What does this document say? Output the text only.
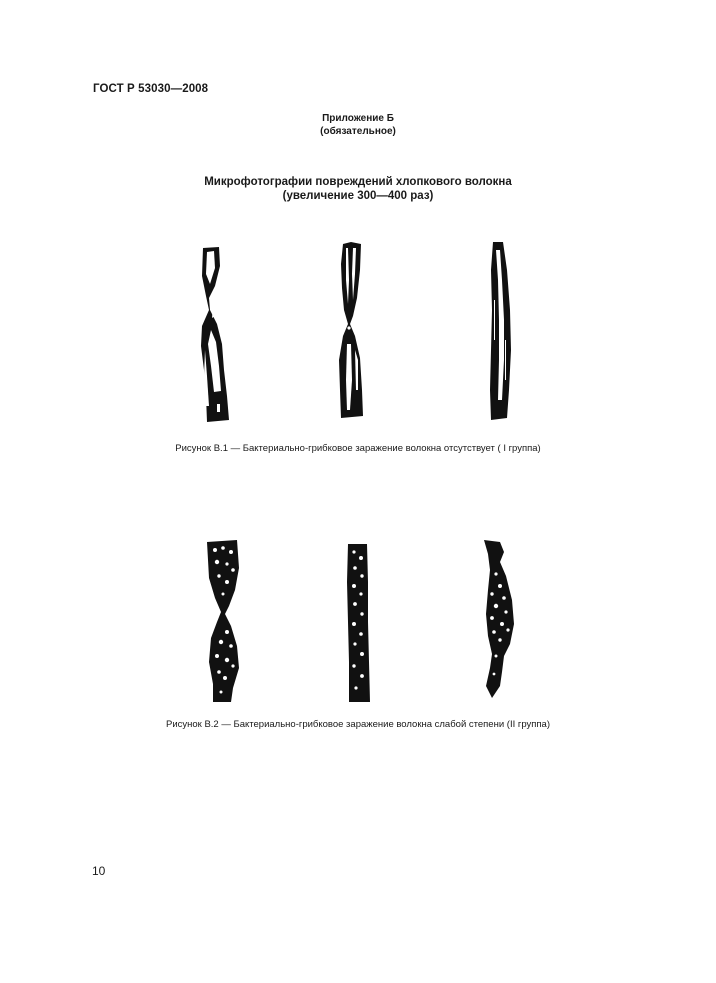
ГОСТ Р 53030—2008
Приложение Б
(обязательное)
Микрофотографии повреждений хлопкового волокна
(увеличение 300—400 раз)
Рисунок В.1 — Бактериально-грибковое заражение волокна отсутствует ( I группа)
Рисунок В.2 — Бактериально-грибковое заражение волокна слабой степени (II группа)
10
